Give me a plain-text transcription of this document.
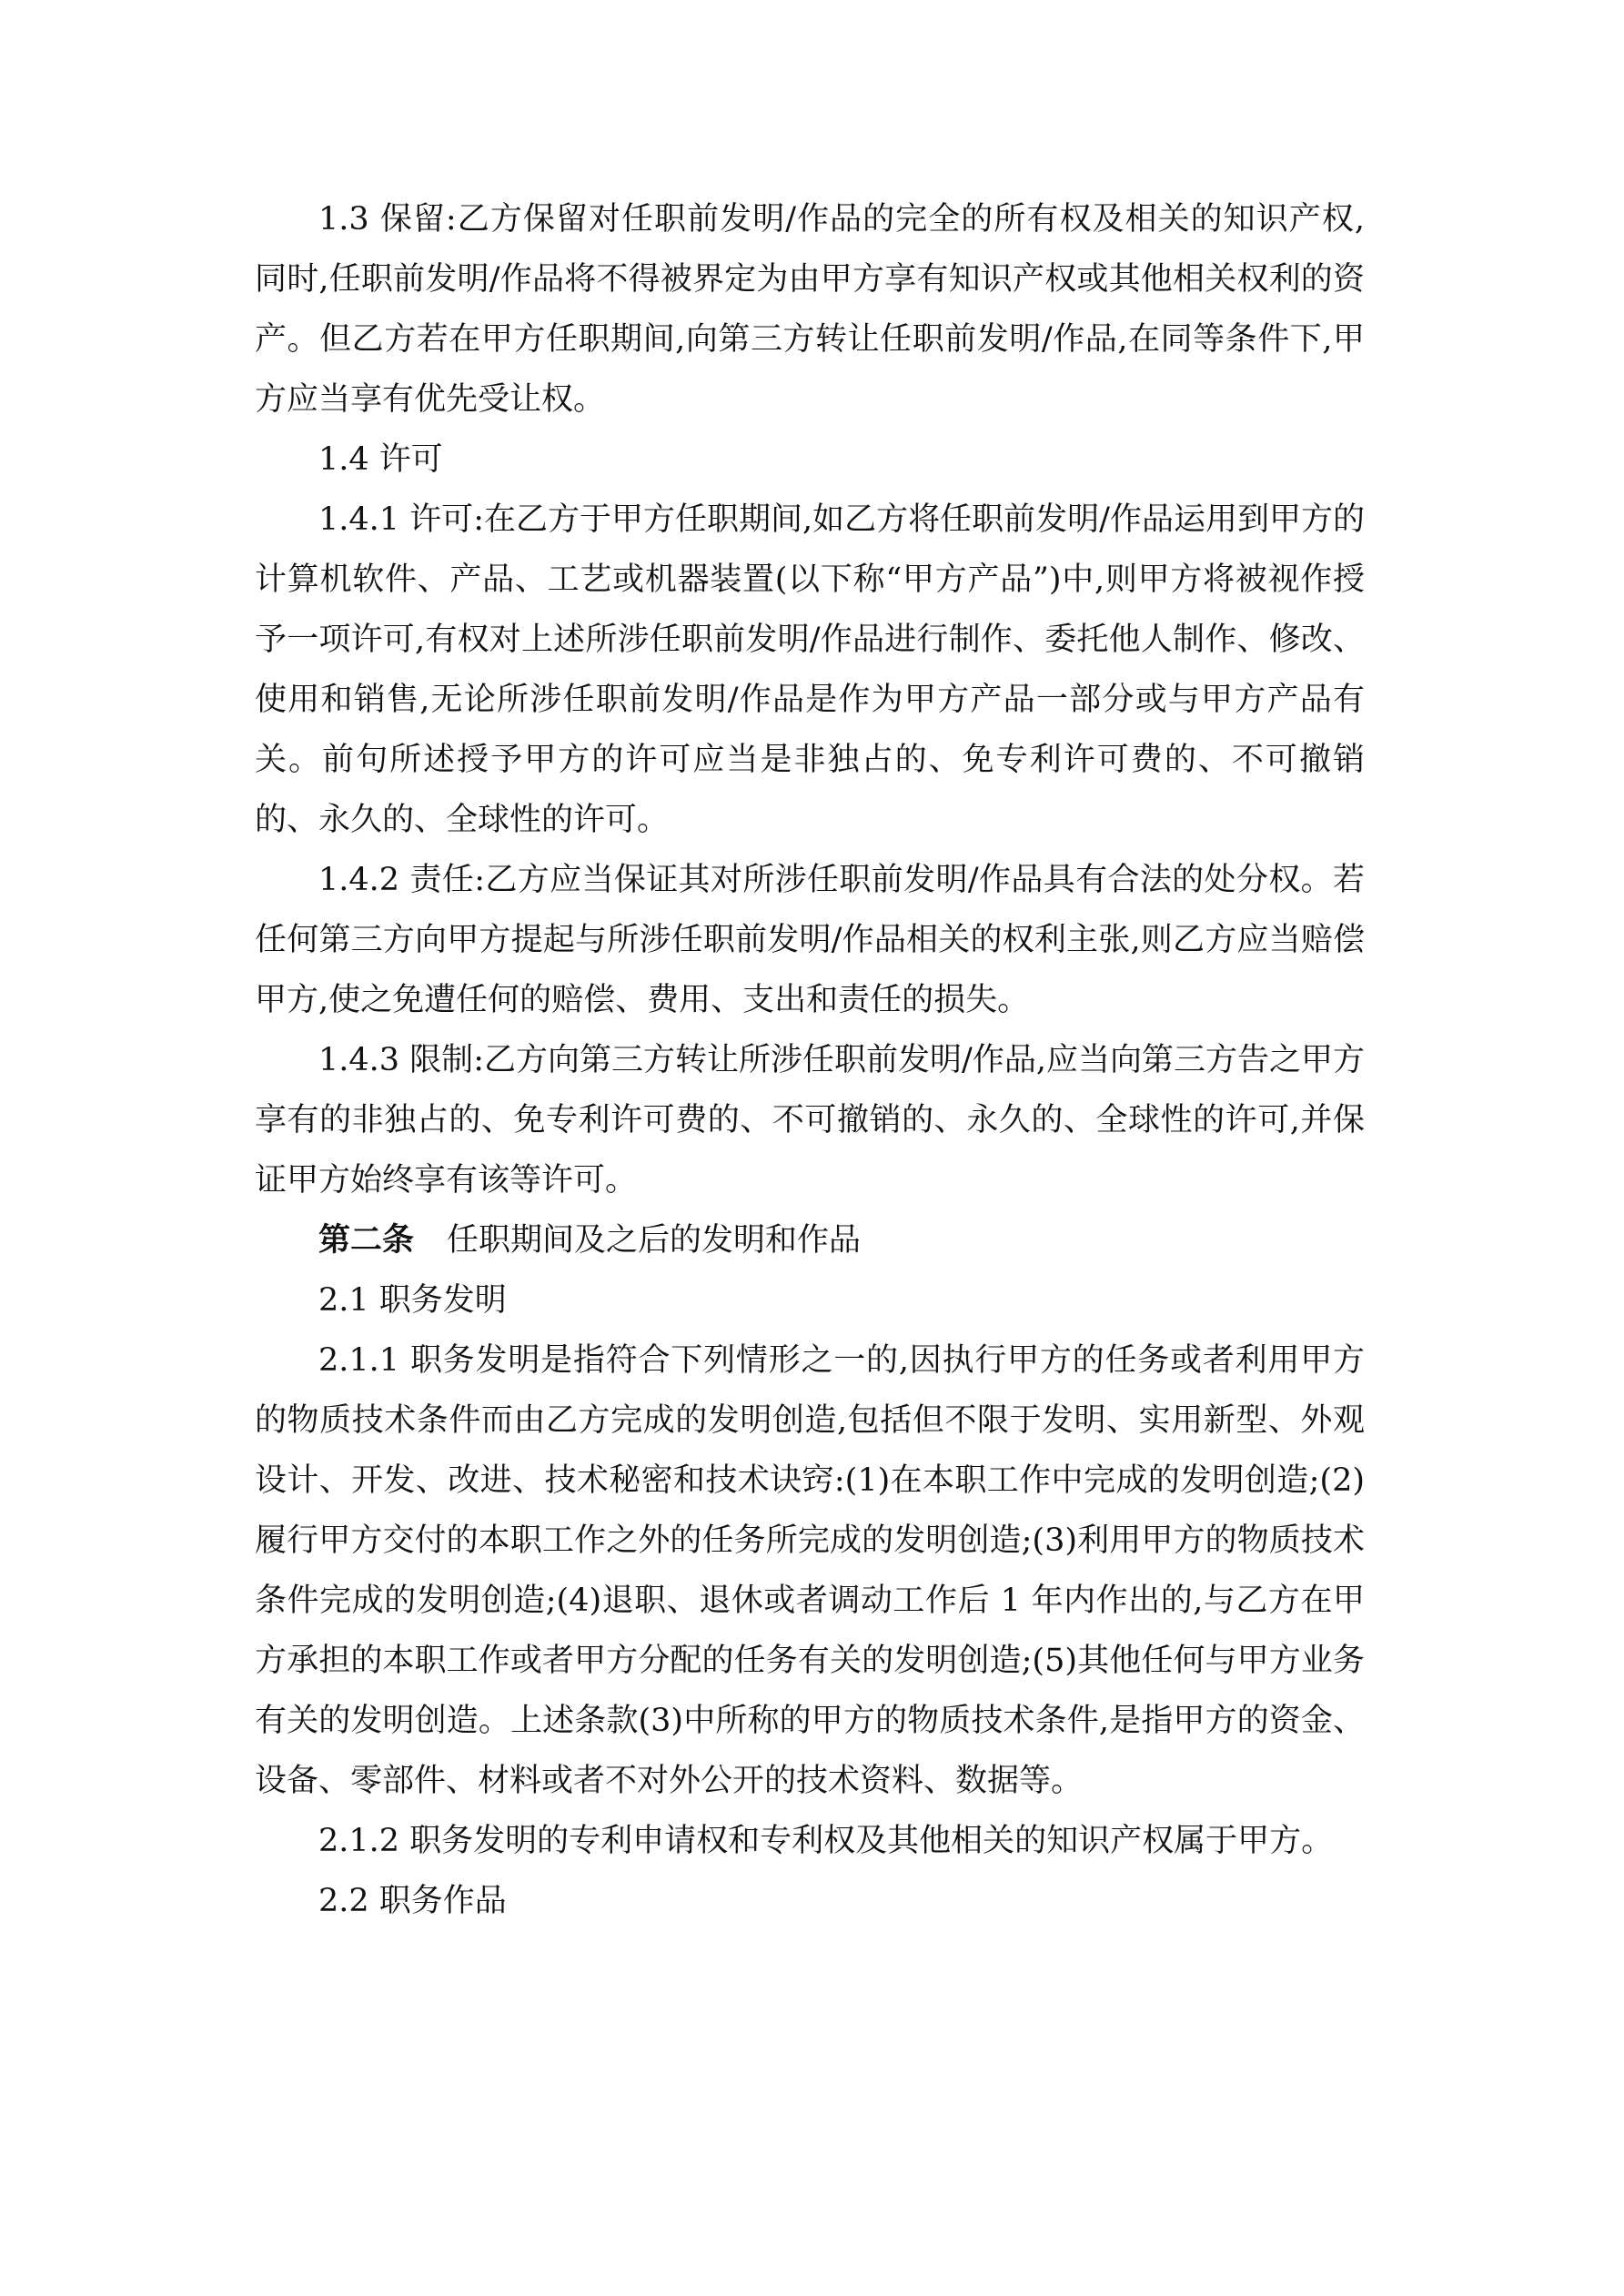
1.3 保留:乙方保留对任职前发明/作品的完全的所有权及相关的知识产权,同时,任职前发明/作品将不得被界定为由甲方享有知识产权或其他相关权利的资产。但乙方若在甲方任职期间,向第三方转让任职前发明/作品,在同等条件下,甲方应当享有优先受让权。

1.4 许可

1.4.1 许可:在乙方于甲方任职期间,如乙方将任职前发明/作品运用到甲方的计算机软件、产品、工艺或机器装置(以下称“甲方产品”)中,则甲方将被视作授予一项许可,有权对上述所涉任职前发明/作品进行制作、委托他人制作、修改、使用和销售,无论所涉任职前发明/作品是作为甲方产品一部分或与甲方产品有关。前句所述授予甲方的许可应当是非独占的、免专利许可费的、不可撤销的、永久的、全球性的许可。

1.4.2 责任:乙方应当保证其对所涉任职前发明/作品具有合法的处分权。若任何第三方向甲方提起与所涉任职前发明/作品相关的权利主张,则乙方应当赔偿甲方,使之免遭任何的赔偿、费用、支出和责任的损失。

1.4.3 限制:乙方向第三方转让所涉任职前发明/作品,应当向第三方告之甲方享有的非独占的、免专利许可费的、不可撤销的、永久的、全球性的许可,并保证甲方始终享有该等许可。

第二条 任职期间及之后的发明和作品

2.1 职务发明

2.1.1 职务发明是指符合下列情形之一的,因执行甲方的任务或者利用甲方的物质技术条件而由乙方完成的发明创造,包括但不限于发明、实用新型、外观设计、开发、改进、技术秘密和技术诀窍:(1)在本职工作中完成的发明创造;(2)履行甲方交付的本职工作之外的任务所完成的发明创造;(3)利用甲方的物质技术条件完成的发明创造;(4)退职、退休或者调动工作后 1 年内作出的,与乙方在甲方承担的本职工作或者甲方分配的任务有关的发明创造;(5)其他任何与甲方业务有关的发明创造。上述条款(3)中所称的甲方的物质技术条件,是指甲方的资金、设备、零部件、材料或者不对外公开的技术资料、数据等。

2.1.2 职务发明的专利申请权和专利权及其他相关的知识产权属于甲方。

2.2 职务作品
